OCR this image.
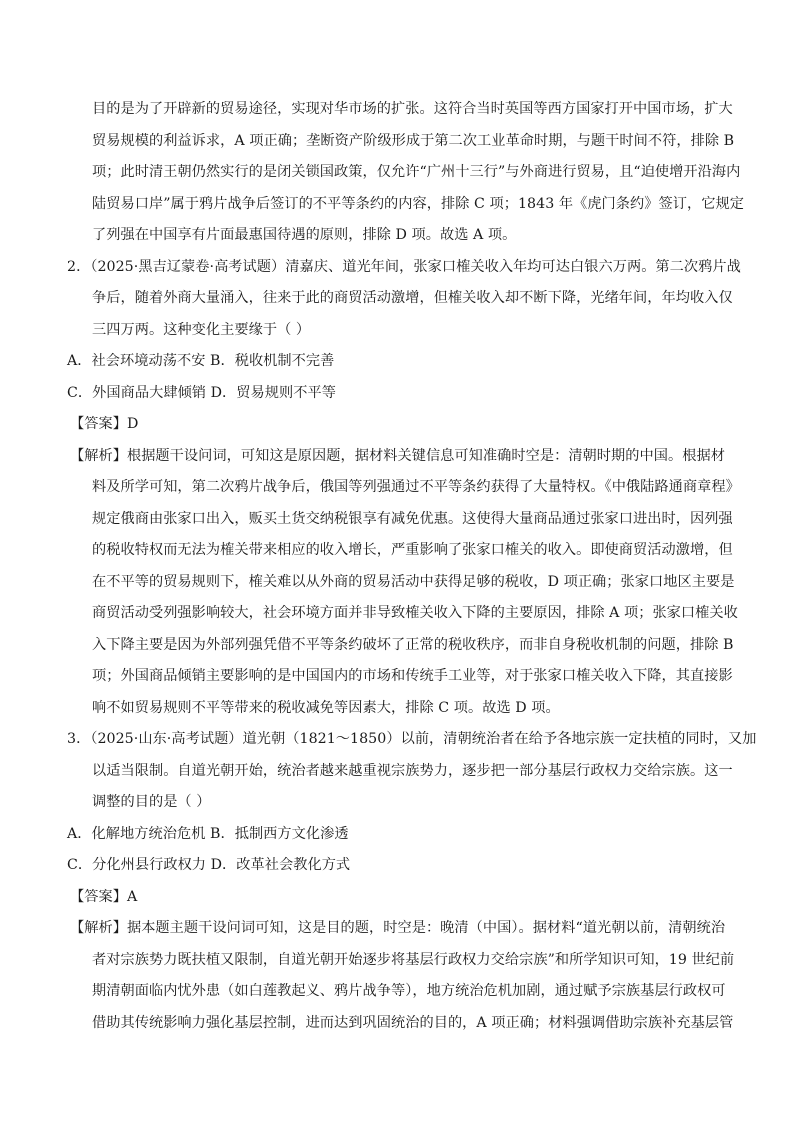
目的是为了开辟新的贸易途径，实现对华市场的扩张。这符合当时英国等西方国家打开中国市场，扩大
贸易规模的利益诉求，A 项正确；垄断资产阶级形成于第二次工业革命时期，与题干时间不符，排除 B
项；此时清王朝仍然实行的是闭关锁国政策，仅允许“广州十三行”与外商进行贸易，且“迫使增开沿海内
陆贸易口岸”属于鸦片战争后签订的不平等条约的内容，排除 C 项；1843 年《虎门条约》签订，它规定
了列强在中国享有片面最惠国待遇的原则，排除 D 项。故选 A 项。
2．（2025·黑吉辽蒙卷·高考试题）清嘉庆、道光年间，张家口榷关收入年均可达白银六万两。第二次鸦片战
争后，随着外商大量涌入，往来于此的商贸活动激增，但榷关收入却不断下降，光绪年间，年均收入仅
三四万两。这种变化主要缘于（ ）
A．社会环境动荡不安 B．税收机制不完善
C．外国商品大肆倾销 D．贸易规则不平等
【答案】D
【解析】根据题干设问词，可知这是原因题，据材料关键信息可知准确时空是：清朝时期的中国。根据材
料及所学可知，第二次鸦片战争后，俄国等列强通过不平等条约获得了大量特权。《中俄陆路通商章程》
规定俄商由张家口出入，贩买土货交纳税银享有减免优惠。这使得大量商品通过张家口进出时，因列强
的税收特权而无法为榷关带来相应的收入增长，严重影响了张家口榷关的收入。即使商贸活动激增，但
在不平等的贸易规则下，榷关难以从外商的贸易活动中获得足够的税收，D 项正确；张家口地区主要是
商贸活动受列强影响较大，社会环境方面并非导致榷关收入下降的主要原因，排除 A 项；张家口榷关收
入下降主要是因为外部列强凭借不平等条约破坏了正常的税收秩序，而非自身税收机制的问题，排除 B
项；外国商品倾销主要影响的是中国国内的市场和传统手工业等，对于张家口榷关收入下降，其直接影
响不如贸易规则不平等带来的税收减免等因素大，排除 C 项。故选 D 项。
3．（2025·山东·高考试题）道光朝（1821～1850）以前，清朝统治者在给予各地宗族一定扶植的同时，又加
以适当限制。自道光朝开始，统治者越来越重视宗族势力，逐步把一部分基层行政权力交给宗族。这一
调整的目的是（ ）
A．化解地方统治危机 B．抵制西方文化渗透
C．分化州县行政权力 D．改革社会教化方式
【答案】A
【解析】据本题主题干设问词可知，这是目的题，时空是：晚清（中国）。据材料“道光朝以前，清朝统治
者对宗族势力既扶植又限制，自道光朝开始逐步将基层行政权力交给宗族”和所学知识可知，19 世纪前
期清朝面临内忧外患（如白莲教起义、鸦片战争等），地方统治危机加剧，通过赋予宗族基层行政权可
借助其传统影响力强化基层控制，进而达到巩固统治的目的，A 项正确；材料强调借助宗族补充基层管
